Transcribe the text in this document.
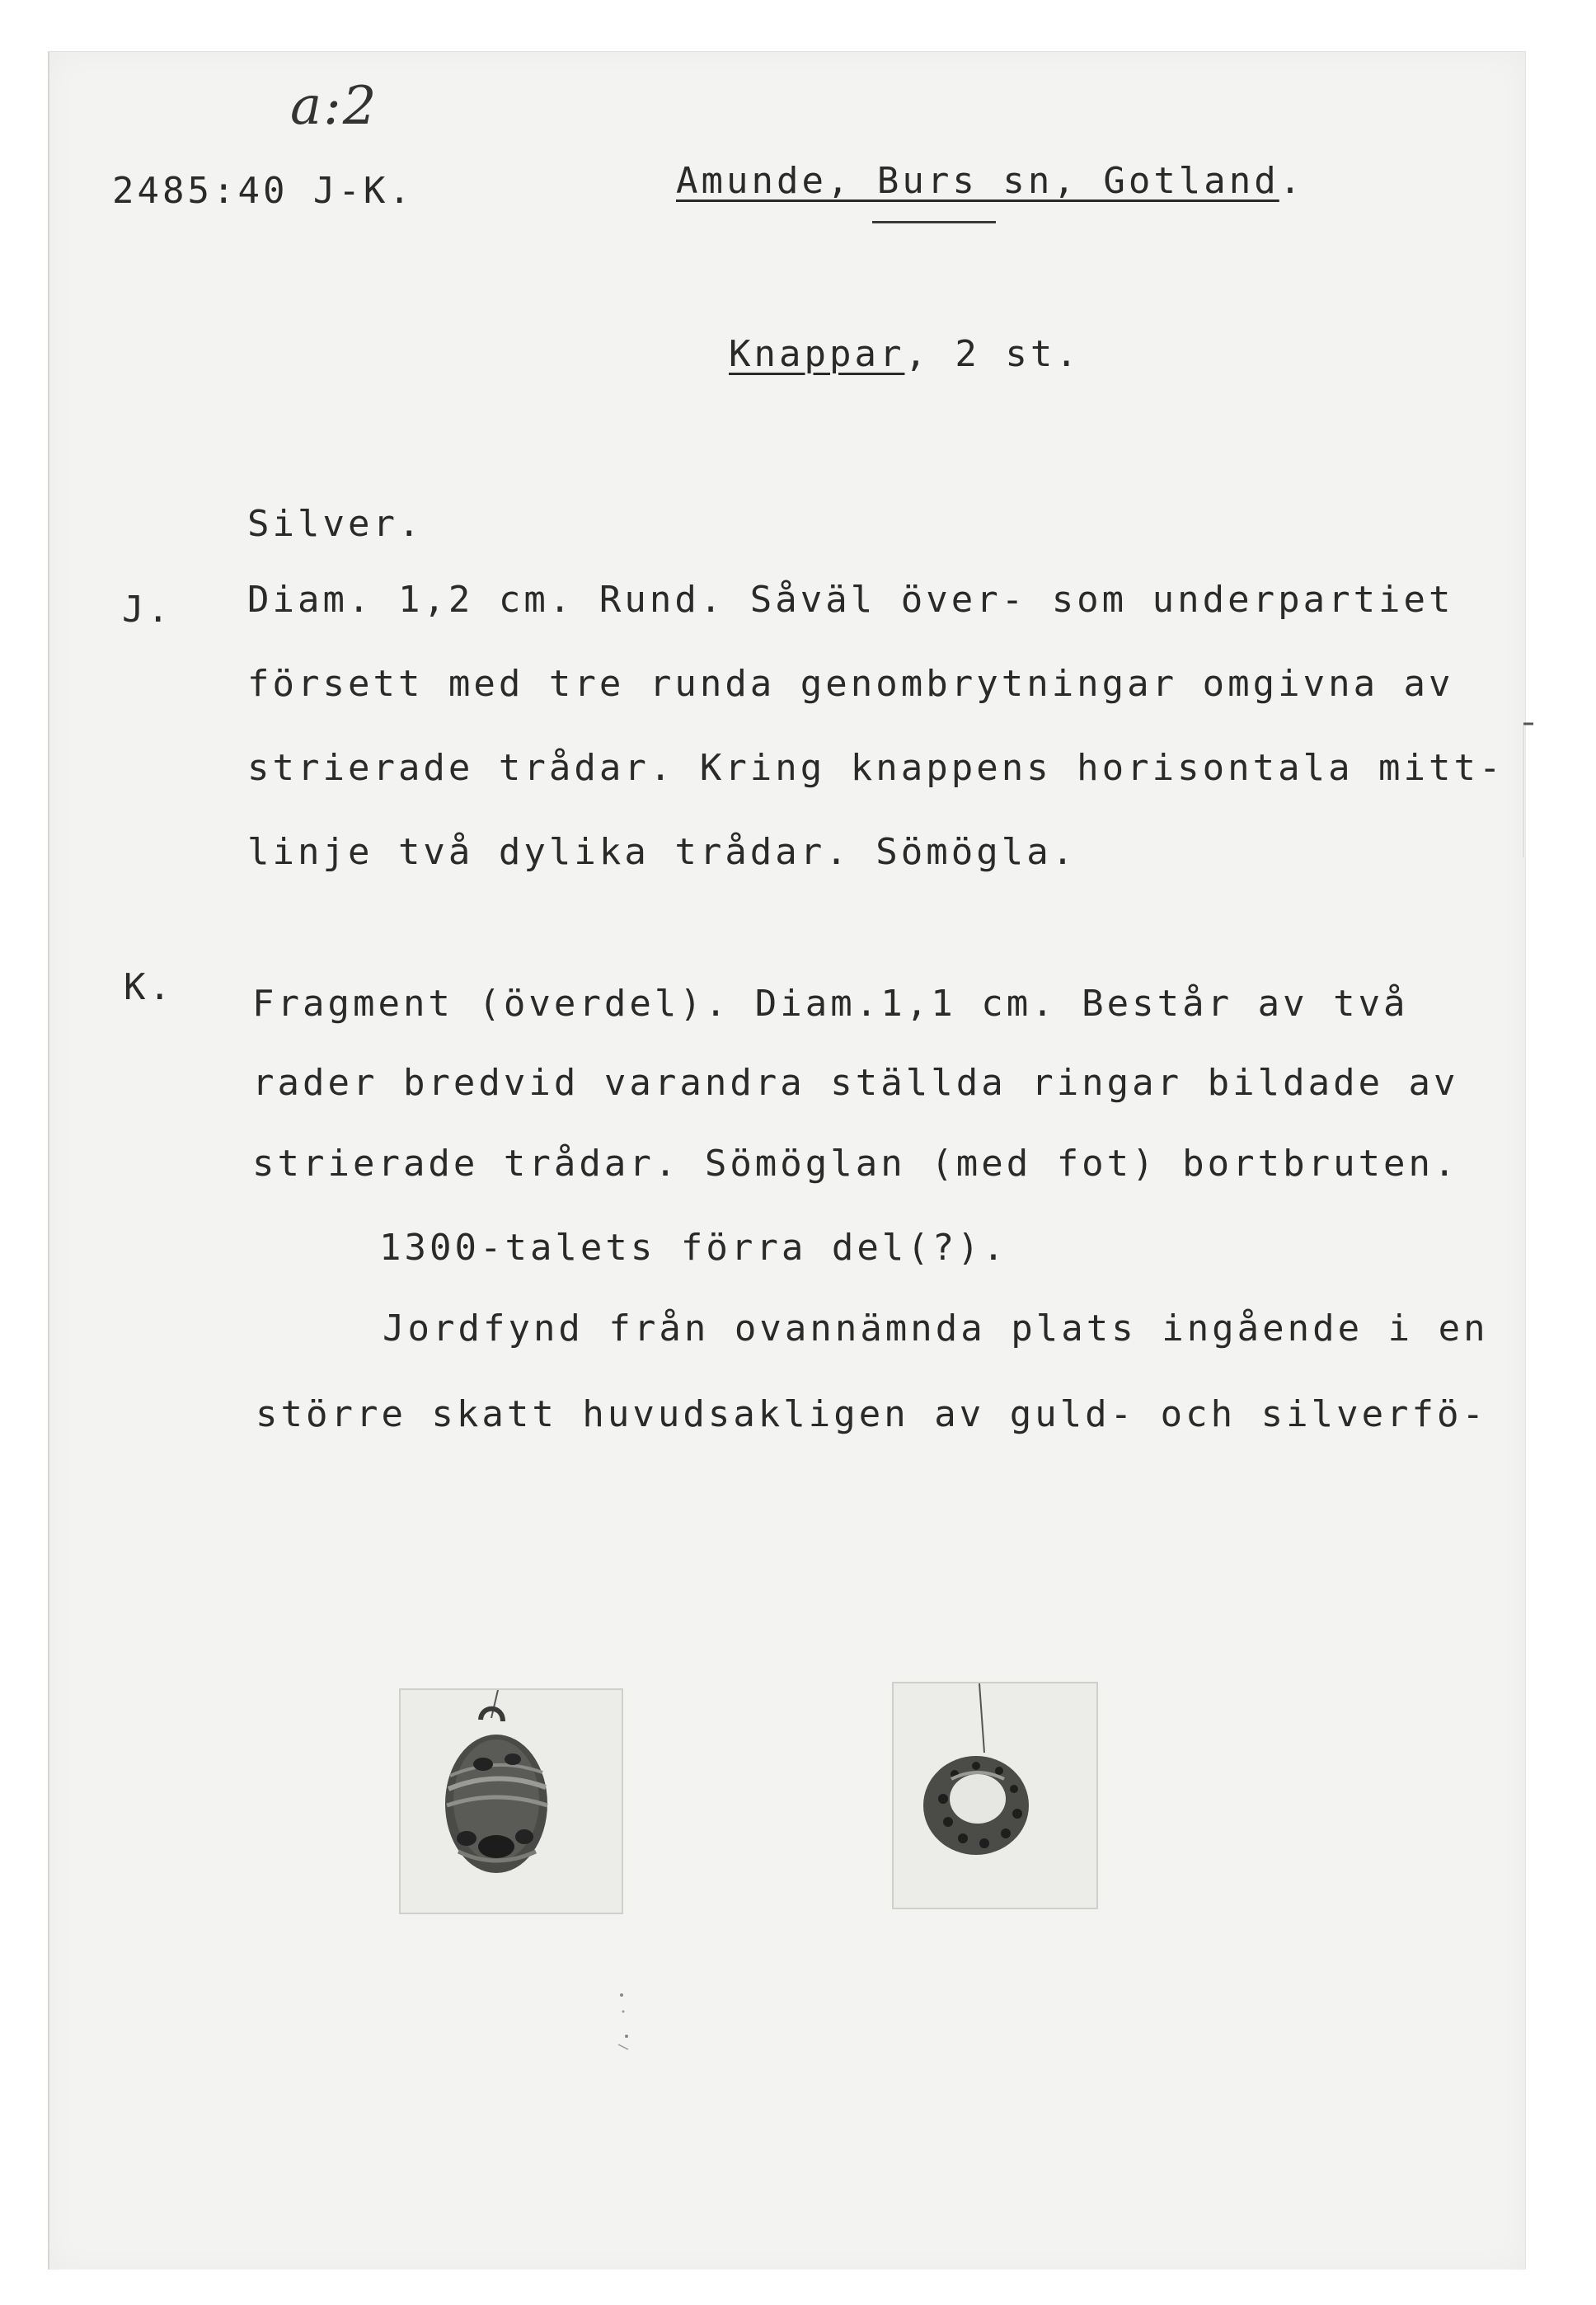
a:2
2485:40 J-K.	Amunde, Burs sn, Gotland.
Knappar, 2 st.
Silver.
J. Diam. 1,2 cm. Rund. Såväl över- som underpartiet
försett med tre runda genombrytningar omgivna av
strierade trådar. Kring knappens horisontala mitt-
linje två dylika trådar. Sömögla.
K. Fragment (överdel). Diam.1,1 cm. Består av två
rader bredvid varandra ställda ringar bildade av
strierade trådar. Sömöglan (med fot) bortbruten.
1300-talets förra del(?).
Jordfynd från ovannämnda plats ingående i en
större skatt huvudsakligen av guld- och silverfö-
